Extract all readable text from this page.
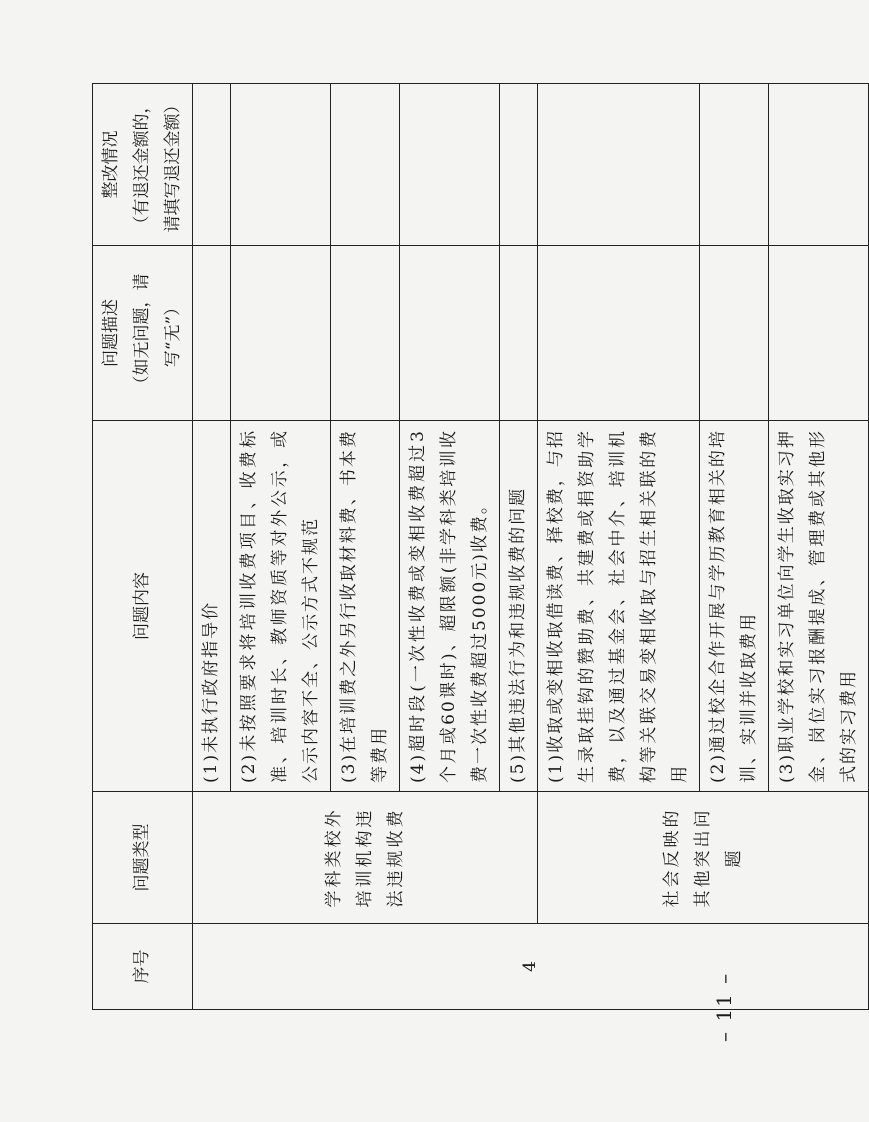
– 11 –
序号	问题类型	问题内容	问题描述 （如无问题，请写“无”）	整改情况 （有退还金额的，请填写退还金额）
4	学科类校外培训机构违法违规收费	(1)未执行政府指导价		
		(2)未按照要求将培训收费项目、收费标准、培训时长、教师资质等对外公示，或公示内容不全、公示方式不规范		
		(3)在培训费之外另行收取材料费、书本费等费用		
		(4)超时段(一次性收费或变相收费超过3个月或60课时)、超限额(非学科类培训收费一次性收费超过5000元)收费。		
		(5)其他违法行为和违规收费的问题		
	社会反映的其他突出问题	(1)收取或变相收取借读费、择校费，与招生录取挂钩的赞助费、共建费或捐资助学费，以及通过基金会、社会中介、培训机构等关联交易变相收取与招生相关联的费用		
		(2)通过校企合作开展与学历教育相关的培训、实训并收取费用		
		(3)职业学校和实习单位向学生收取实习押金、岗位实习报酬提成、管理费或其他形式的实习费用		
